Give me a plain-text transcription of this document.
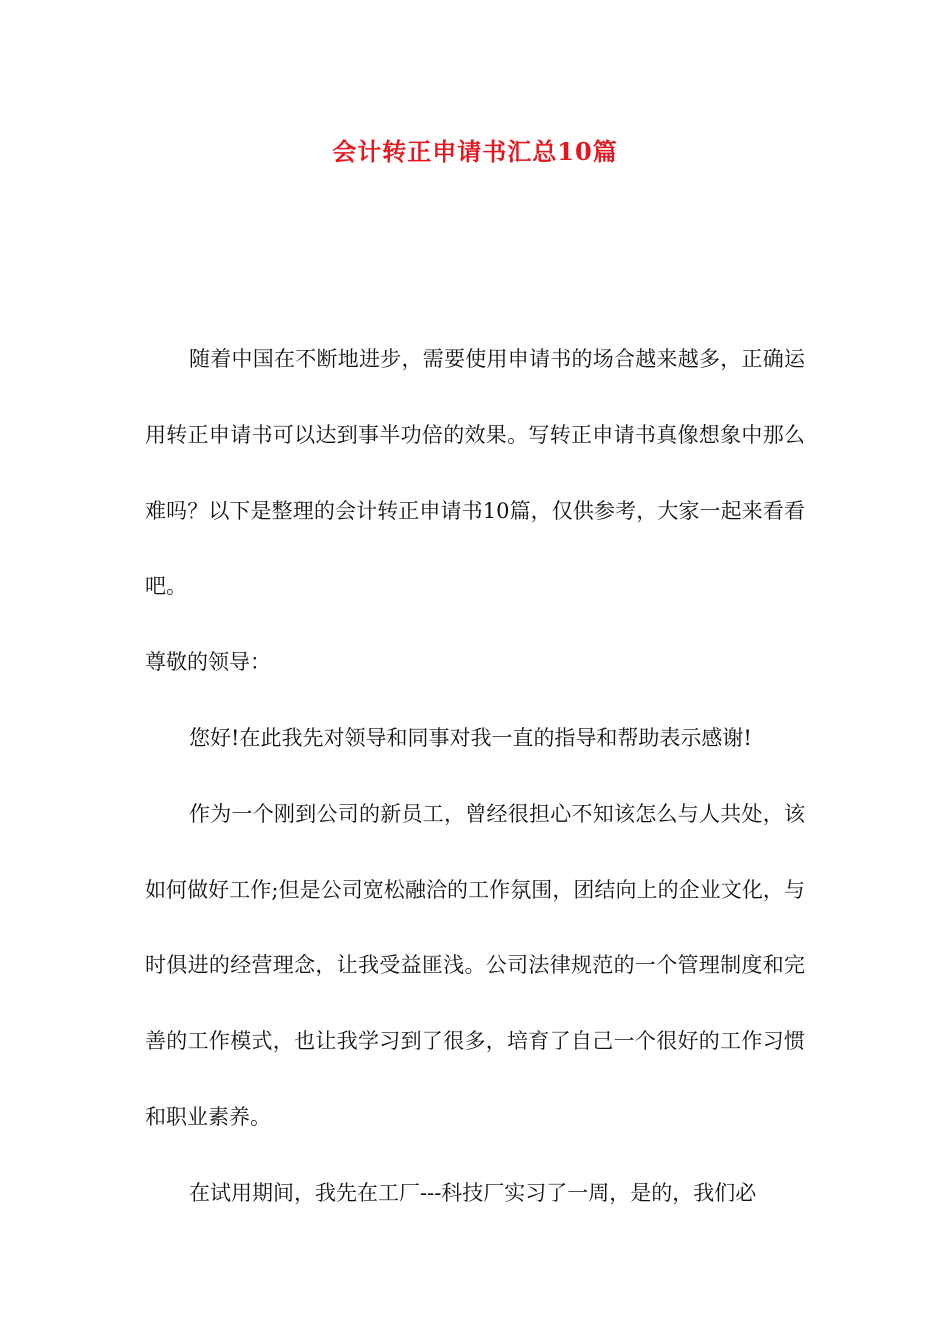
会计转正申请书汇总10篇

随着中国在不断地进步，需要使用申请书的场合越来越多，正确运用转正申请书可以达到事半功倍的效果。写转正申请书真像想象中那么难吗？以下是整理的会计转正申请书10篇，仅供参考，大家一起来看看吧。

尊敬的领导：

您好!在此我先对领导和同事对我一直的指导和帮助表示感谢!

作为一个刚到公司的新员工，曾经很担心不知该怎么与人共处，该如何做好工作;但是公司宽松融洽的工作氛围，团结向上的企业文化，与时俱进的经营理念，让我受益匪浅。公司法律规范的一个管理制度和完善的工作模式，也让我学习到了很多，培育了自己一个很好的工作习惯和职业素养。

在试用期间，我先在工厂---科技厂实习了一周，是的，我们必
